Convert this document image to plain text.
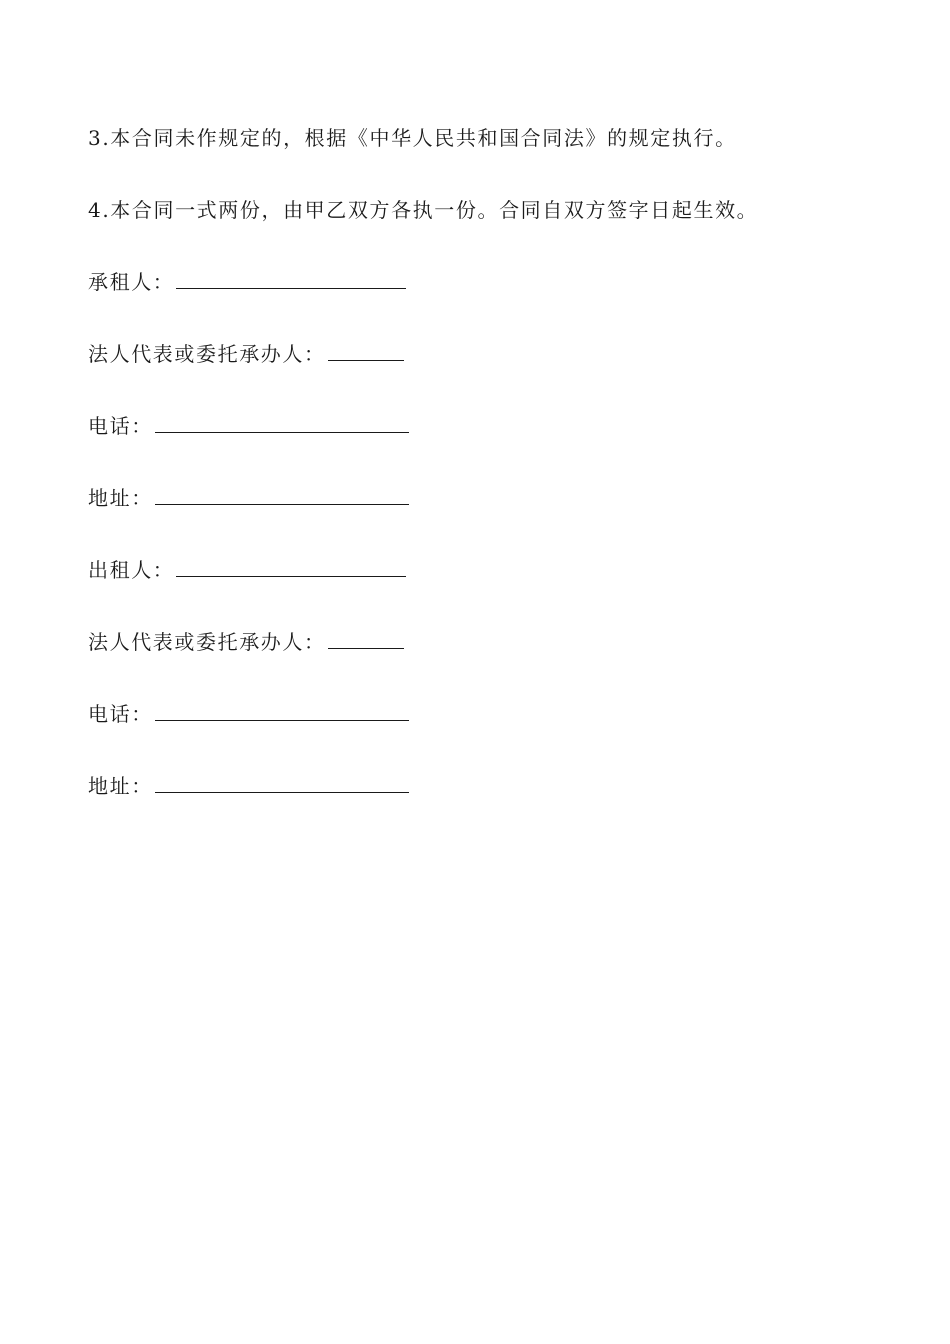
3.本合同未作规定的，根据《中华人民共和国合同法》的规定执行。
4.本合同一式两份，由甲乙双方各执一份。合同自双方签字日起生效。
承租人：
法人代表或委托承办人：
电话：
地址：
出租人：
法人代表或委托承办人：
电话：
地址：
